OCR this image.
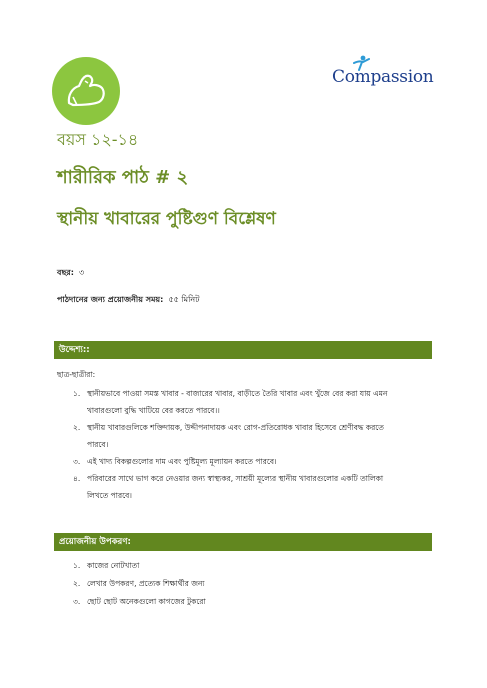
Compassion
বয়স ১২-১৪
শারীরিক পাঠ # ২
স্থানীয় খাবারের পুষ্টিগুণ বিশ্লেষণ
বছর: ৩
পাঠদানের জন্য প্রয়োজনীয় সময়: ৫৫ মিনিট
উদ্দেশ্য::
ছাত্র-ছাত্রীরা:
১. স্থানীয়ভাবে পাওয়া সমস্ত খাবার - বাজারের খাবার, বাড়ীতে তৈরি খাবার এবং খুঁজে বের করা যায় এমন
খাবারগুলো বুদ্ধি খাটিয়ে বের করতে পারবে।।
২. স্থানীয় খাবারগুলিকে শক্তিদায়ক, উদ্দীপনাদায়ক এবং রোগ-প্রতিরোধক খাবার হিসেবে শ্রেণীবদ্ধ করতে
পারবে।
৩. এই খাদ্য বিকল্পগুলোর দাম এবং পুষ্টিমূল্য মূল্যায়ন করতে পারবে।
৪. পরিবারের সাথে ভাগ করে নেওয়ার জন্য স্বাস্থ্যকর, সাশ্রয়ী মূল্যের স্থানীয় খাবারগুলোর একটি তালিকা
লিখতে পারবে।
প্রয়োজনীয় উপকরণ:
১. কাজের নোটখাতা
২. লেখার উপকরণ, প্রত্যেক শিক্ষার্থীর জন্য
৩. ছোট ছোট অনেকগুলো কাগজের টুকরো
